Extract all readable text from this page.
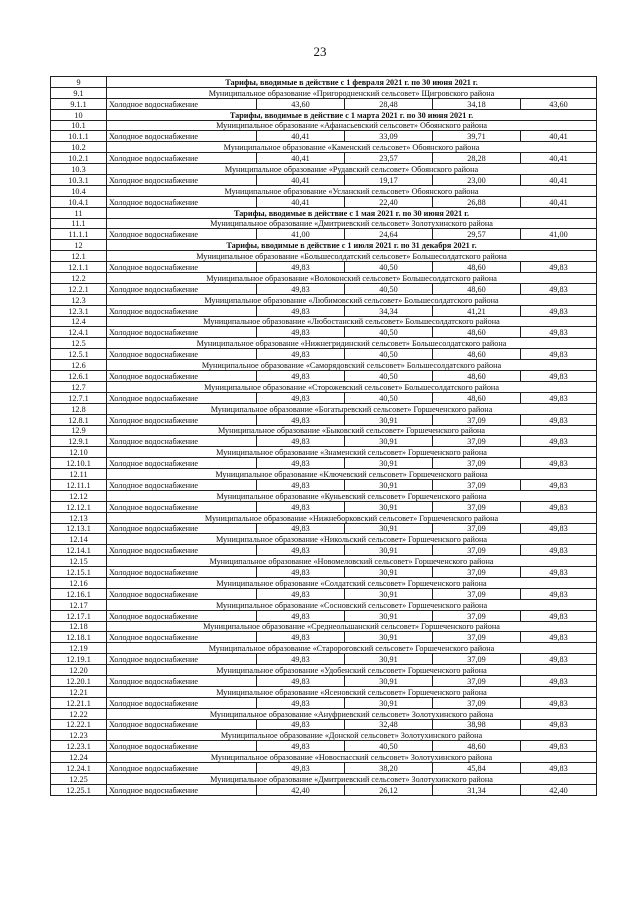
23
9	Тарифы, вводимые в действие с 1 февраля 2021 г. по 30 июня 2021 г.				
9.1	Муниципальное образование «Пригородненский сельсовет» Щигровского района				
9.1.1	Холодное водоснабжение	43,60	28,48	34,18	43,60
10	Тарифы, вводимые в действие с 1 марта 2021 г. по 30 июня 2021 г.				
10.1	Муниципальное образование «Афанасьевский сельсовет» Обоянского района				
10.1.1	Холодное водоснабжение	40,41	33,09	39,71	40,41
10.2	Муниципальное образование «Каменский сельсовет» Обоянского района				
10.2.1	Холодное водоснабжение	40,41	23,57	28,28	40,41
10.3	Муниципальное образование «Рудавский сельсовет» Обоянского района				
10.3.1	Холодное водоснабжение	40,41	19,17	23,00	40,41
10.4	Муниципальное образование «Усланский сельсовет» Обоянского района				
10.4.1	Холодное водоснабжение	40,41	22,40	26,88	40,41
11	Тарифы, вводимые в действие с 1 мая 2021 г. по 30 июня 2021 г.				
11.1	Муниципальное образование «Дмитриевский сельсовет» Золотухинского района				
11.1.1	Холодное водоснабжение	41,00	24,64	29,57	41,00
12	Тарифы, вводимые в действие с 1 июля 2021 г. по 31 декабря 2021 г.				
12.1	Муниципальное образование «Большесолдатский сельсовет» Большесолдатского района				
12.1.1	Холодное водоснабжение	49,83	40,50	48,60	49,83
12.2	Муниципальное образование «Волоконский сельсовет» Большесолдатского района				
12.2.1	Холодное водоснабжение	49,83	40,50	48,60	49,83
12.3	Муниципальное образование «Любимовский сельсовет» Большесолдатского района				
12.3.1	Холодное водоснабжение	49,83	34,34	41,21	49,83
12.4	Муниципальное образование «Любостанский сельсовет» Большесолдатского района				
12.4.1	Холодное водоснабжение	49,83	40,50	48,60	49,83
12.5	Муниципальное образование «Нижнегридинский сельсовет» Большесолдатского района				
12.5.1	Холодное водоснабжение	49,83	40,50	48,60	49,83
12.6	Муниципальное образование «Саморядовский сельсовет» Большесолдатского района				
12.6.1	Холодное водоснабжение	49,83	40,50	48,60	49,83
12.7	Муниципальное образование «Сторожевский сельсовет» Большесолдатского района				
12.7.1	Холодное водоснабжение	49,83	40,50	48,60	49,83
12.8	Муниципальное образование «Богатыревский сельсовет» Горшеченского района				
12.8.1	Холодное водоснабжение	49,83	30,91	37,09	49,83
12.9	Муниципальное образование «Быковский сельсовет» Горшеченского района				
12.9.1	Холодное водоснабжение	49,83	30,91	37,09	49,83
12.10	Муниципальное образование «Знаменский сельсовет» Горшеченского района				
12.10.1	Холодное водоснабжение	49,83	30,91	37,09	49,83
12.11	Муниципальное образование «Ключевский сельсовет» Горшеченского района				
12.11.1	Холодное водоснабжение	49,83	30,91	37,09	49,83
12.12	Муниципальное образование «Куньевский сельсовет» Горшеченского района				
12.12.1	Холодное водоснабжение	49,83	30,91	37,09	49,83
12.13	Муниципальное образование «Нижнеборковский сельсовет» Горшеченского района				
12.13.1	Холодное водоснабжение	49,83	30,91	37,09	49,83
12.14	Муниципальное образование «Никольский сельсовет» Горшеченского района				
12.14.1	Холодное водоснабжение	49,83	30,91	37,09	49,83
12.15	Муниципальное образование «Новомеловский сельсовет» Горшеченского района				
12.15.1	Холодное водоснабжение	49,83	30,91	37,09	49,83
12.16	Муниципальное образование «Солдатский сельсовет» Горшеченского района				
12.16.1	Холодное водоснабжение	49,83	30,91	37,09	49,83
12.17	Муниципальное образование «Сосновский сельсовет» Горшеченского района				
12.17.1	Холодное водоснабжение	49,83	30,91	37,09	49,83
12.18	Муниципальное образование «Среднеольшанский сельсовет» Горшеченского района				
12.18.1	Холодное водоснабжение	49,83	30,91	37,09	49,83
12.19	Муниципальное образование «Старороговский сельсовет» Горшеченского района				
12.19.1	Холодное водоснабжение	49,83	30,91	37,09	49,83
12.20	Муниципальное образование «Удобенский сельсовет» Горшеченского района				
12.20.1	Холодное водоснабжение	49,83	30,91	37,09	49,83
12.21	Муниципальное образование «Ясеновский сельсовет» Горшеченского района				
12.21.1	Холодное водоснабжение	49,83	30,91	37,09	49,83
12.22	Муниципальное образование «Ануфриевский сельсовет» Золотухинского района				
12.22.1	Холодное водоснабжение	49,83	32,48	38,98	49,83
12.23	Муниципальное образование «Донской сельсовет» Золотухинского района				
12.23.1	Холодное водоснабжение	49,83	40,50	48,60	49,83
12.24	Муниципальное образование «Новоспасский сельсовет» Золотухинского района				
12.24.1	Холодное водоснабжение	49,83	38,20	45,84	49,83
12.25	Муниципальное образование «Дмитриевский сельсовет» Золотухинского района				
12.25.1	Холодное водоснабжение	42,40	26,12	31,34	42,40
